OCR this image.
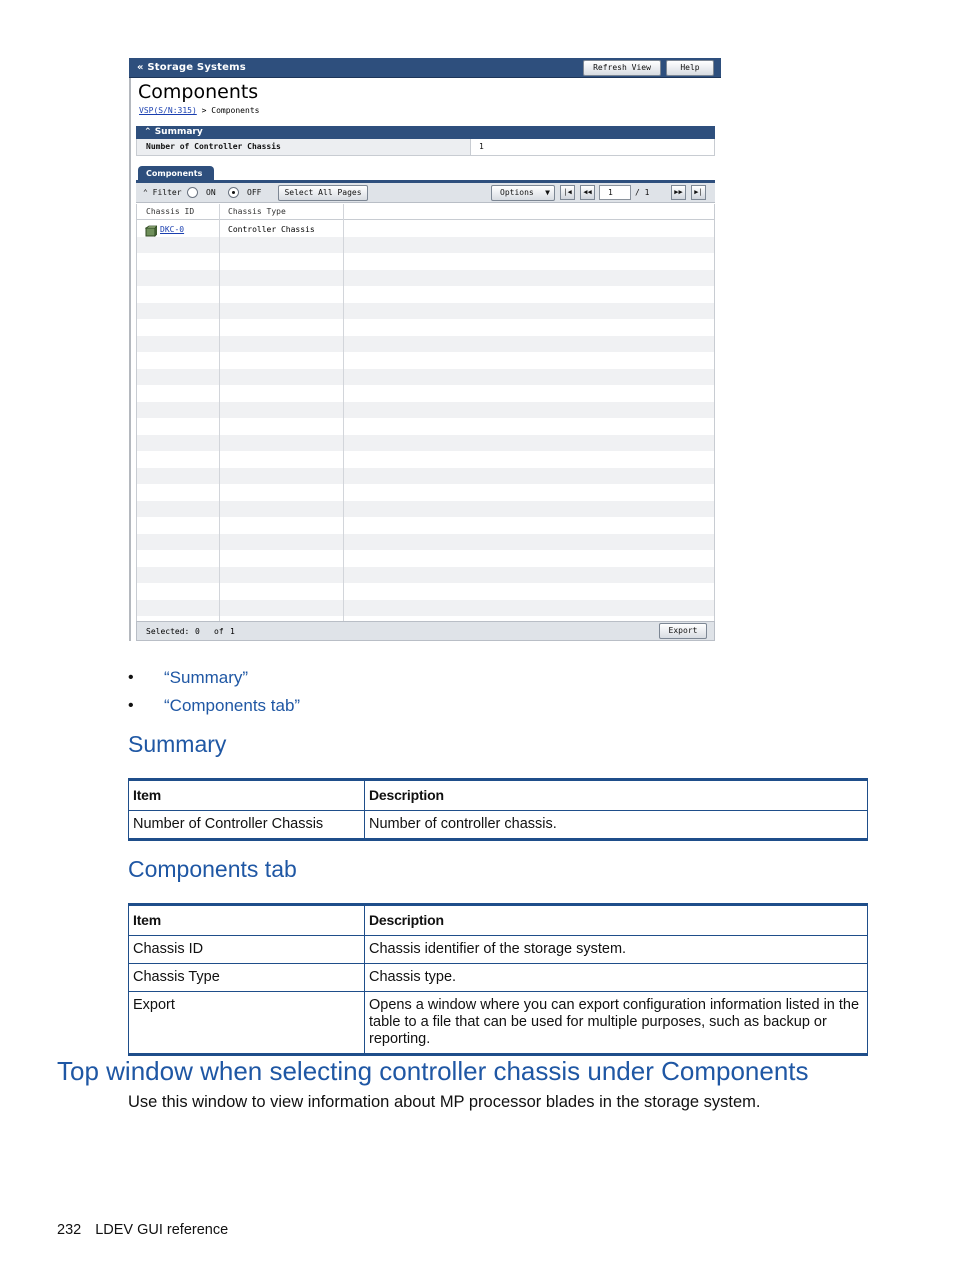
« Storage Systems	Refresh View	Help
Components
VSP(S/N:315) > Components
⌃ Summary
Number of Controller Chassis	1
Components
⌃ Filter	ON	OFF	Select All Pages	Options ▼	|◀	◀◀	1	/ 1	▶▶	▶|
Chassis ID	Chassis Type
DKC-0	Controller Chassis
Selected: 0 of 1	Export
• “Summary”
• “Components tab”
Summary
Item	Description
Number of Controller Chassis	Number of controller chassis.
Components tab
Item	Description
Chassis ID	Chassis identifier of the storage system.
Chassis Type	Chassis type.
Export	Opens a window where you can export configuration information listed in the table to a file that can be used for multiple purposes, such as backup or reporting.
Top window when selecting controller chassis under Components
Use this window to view information about MP processor blades in the storage system.
232 LDEV GUI reference
